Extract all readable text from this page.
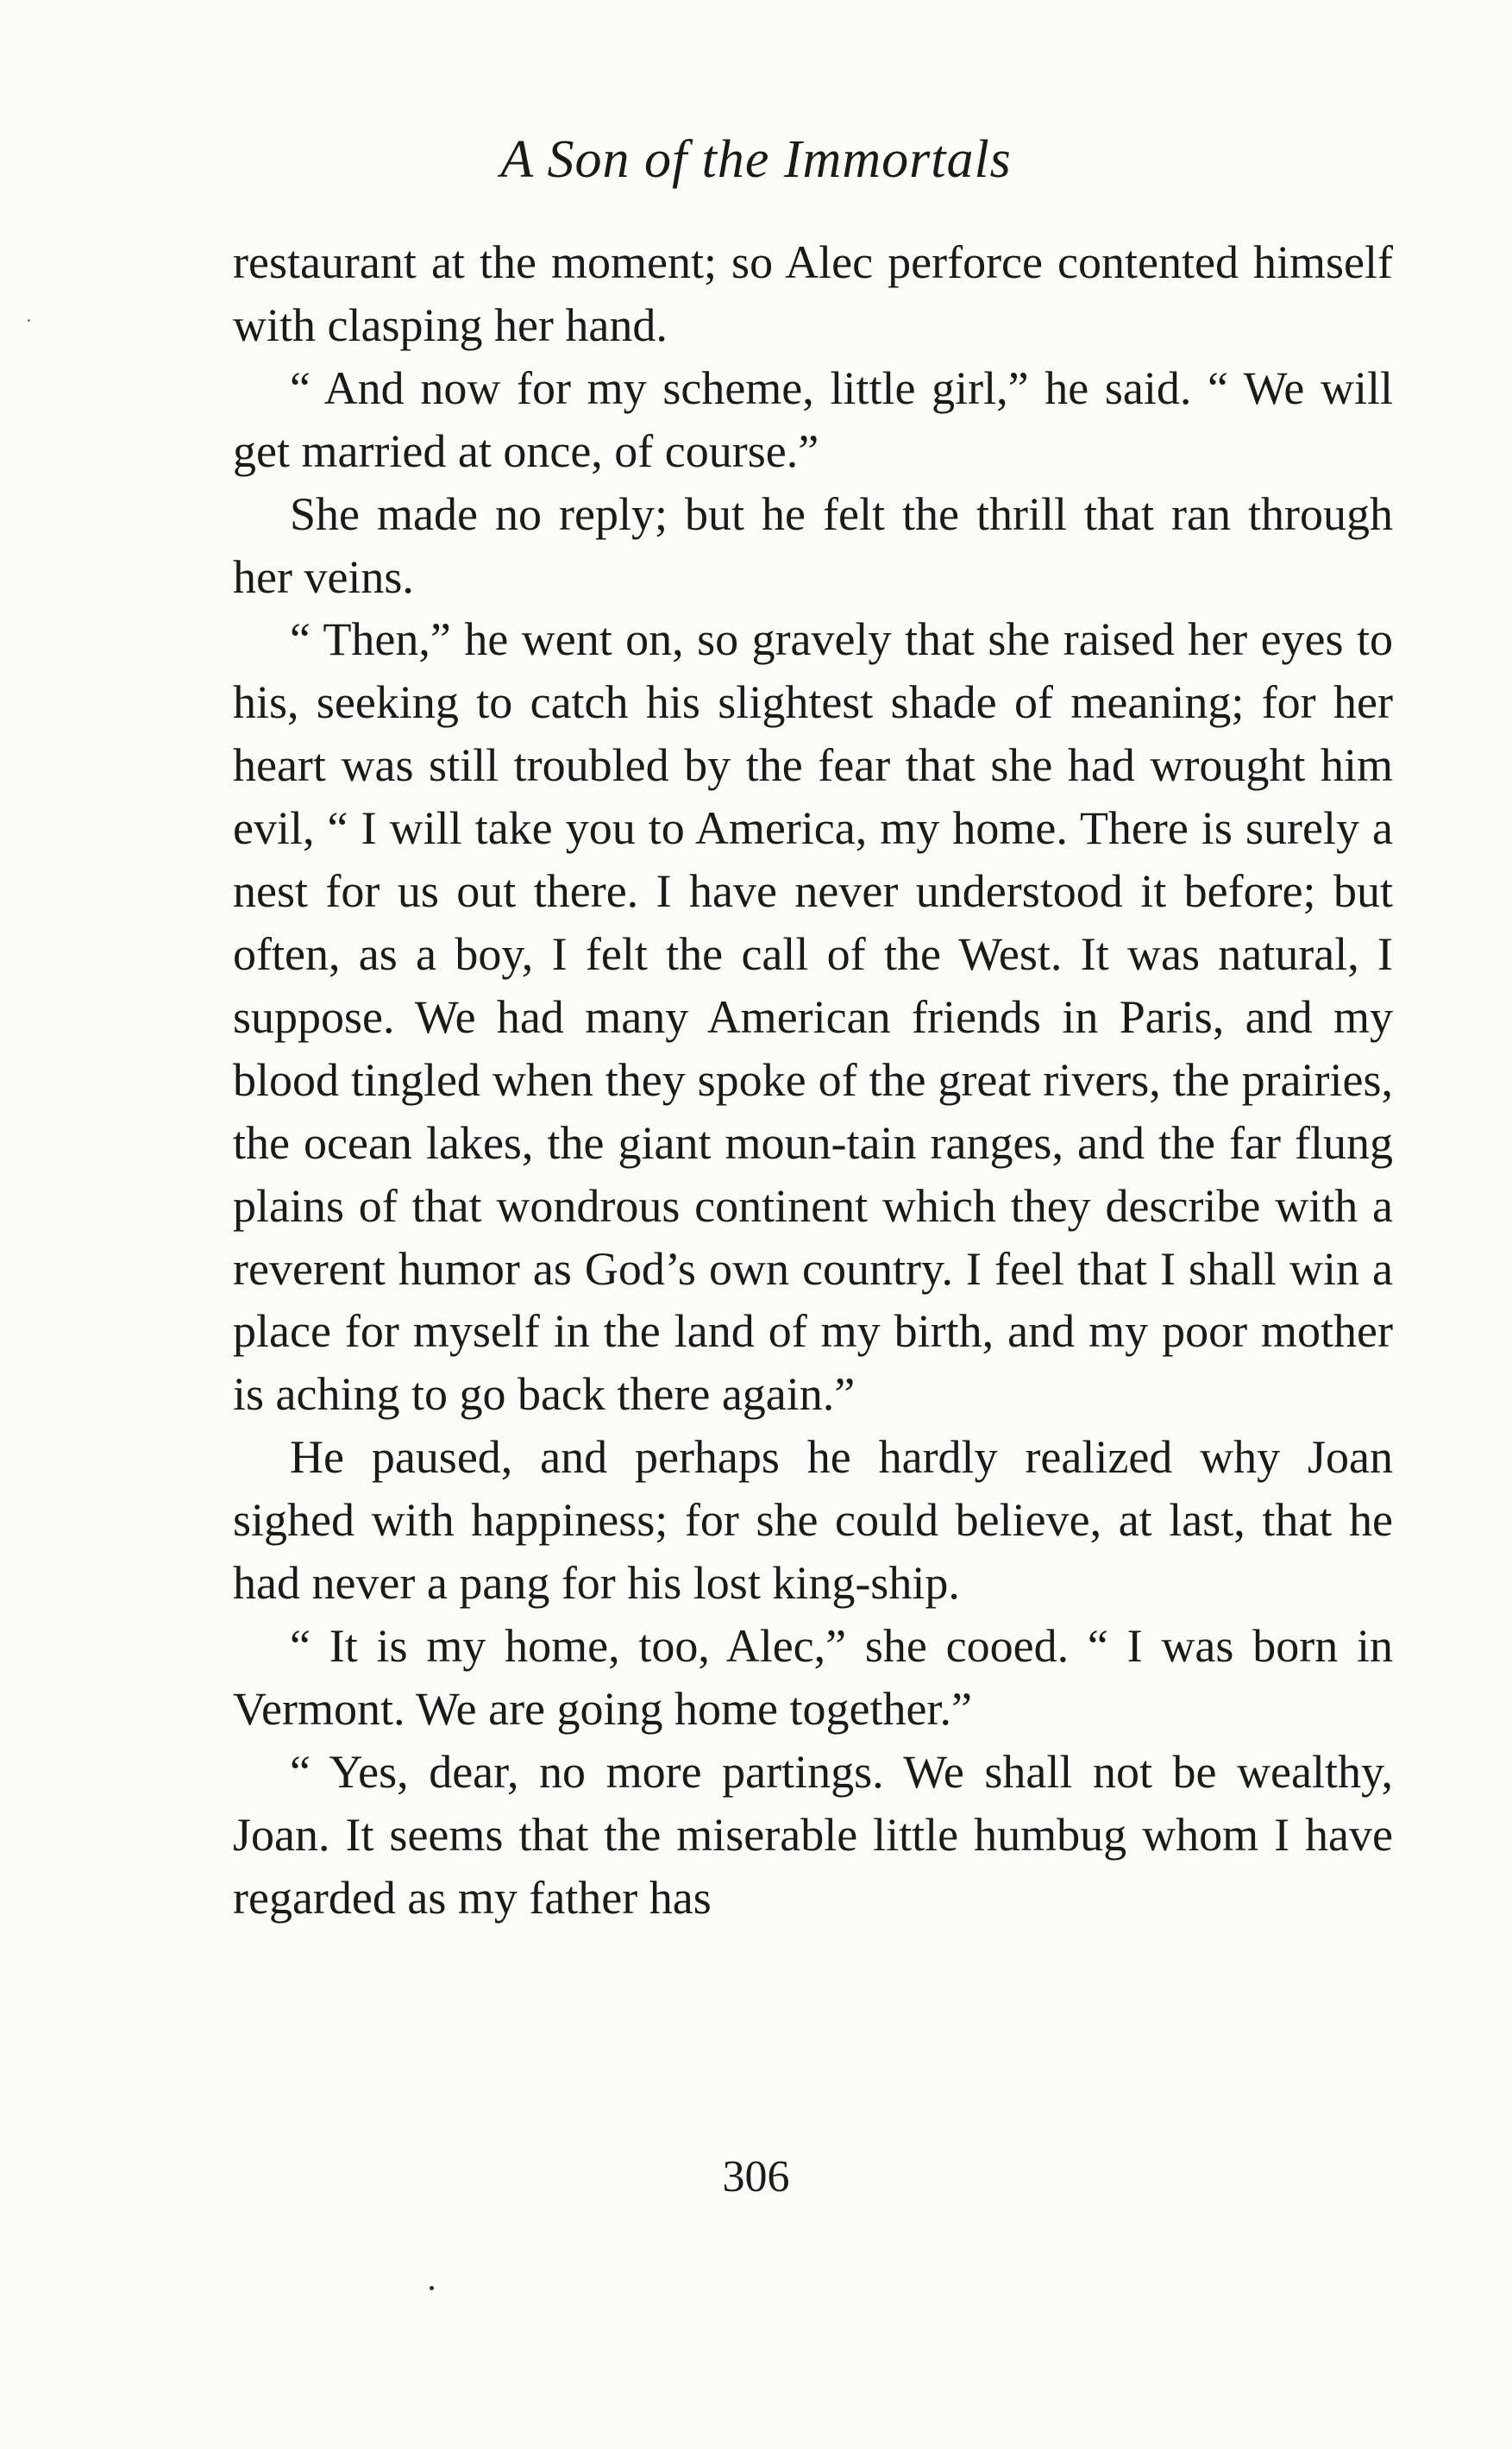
A Son of the Immortals

restaurant at the moment; so Alec perforce contented himself with clasping her hand.

“ And now for my scheme, little girl,” he said. “ We will get married at once, of course.”

She made no reply; but he felt the thrill that ran through her veins.

“ Then,” he went on, so gravely that she raised her eyes to his, seeking to catch his slightest shade of meaning; for her heart was still troubled by the fear that she had wrought him evil, “ I will take you to America, my home. There is surely a nest for us out there. I have never understood it before; but often, as a boy, I felt the call of the West. It was natural, I suppose. We had many American friends in Paris, and my blood tingled when they spoke of the great rivers, the prairies, the ocean lakes, the giant moun-tain ranges, and the far flung plains of that wondrous continent which they describe with a reverent humor as God’s own country. I feel that I shall win a place for myself in the land of my birth, and my poor mother is aching to go back there again.”

He paused, and perhaps he hardly realized why Joan sighed with happiness; for she could believe, at last, that he had never a pang for his lost king-ship.

“ It is my home, too, Alec,” she cooed. “ I was born in Vermont. We are going home together.”

“ Yes, dear, no more partings. We shall not be wealthy, Joan. It seems that the miserable little humbug whom I have regarded as my father has

306
